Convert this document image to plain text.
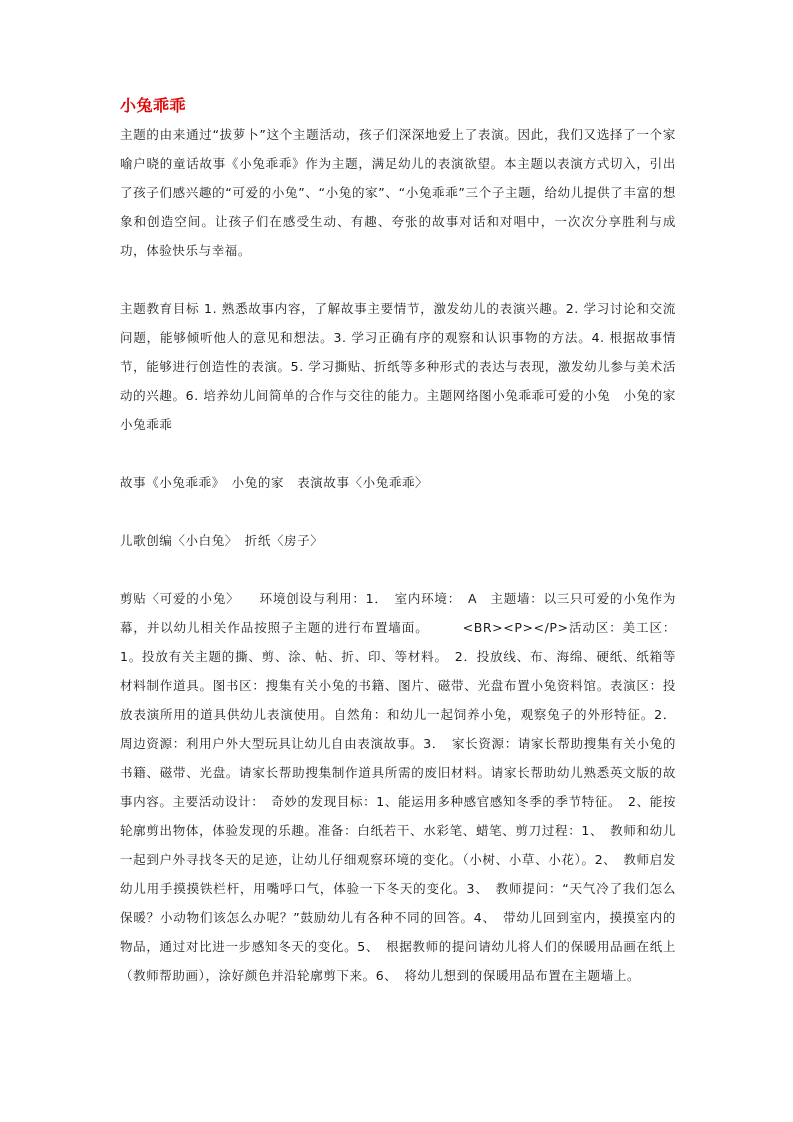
小兔乖乖

主题的由来通过“拔萝卜”这个主题活动，孩子们深深地爱上了表演。因此，我们又选择了一个家喻户晓的童话故事《小兔乖乖》作为主题，满足幼儿的表演欲望。本主题以表演方式切入，引出了孩子们感兴趣的“可爱的小兔”、“小兔的家”、“小兔乖乖”三个子主题，给幼儿提供了丰富的想象和创造空间。让孩子们在感受生动、有趣、夸张的故事对话和对唱中，一次次分享胜利与成功，体验快乐与幸福。

主题教育目标 1. 熟悉故事内容，了解故事主要情节，激发幼儿的表演兴趣。2. 学习讨论和交流问题，能够倾听他人的意见和想法。3. 学习正确有序的观察和认识事物的方法。4. 根据故事情节，能够进行创造性的表演。5. 学习撕贴、折纸等多种形式的表达与表现，激发幼儿参与美术活动的兴趣。6. 培养幼儿间简单的合作与交往的能力。主题网络图小兔乖乖可爱的小兔　小兔的家　小兔乖乖

故事《小兔乖乖》　小兔的家　表演故事〈小兔乖乖〉

儿歌创编〈小白兔〉　折纸〈房子〉

剪贴〈可爱的小兔〉　　环境创设与利用：1．　室内环境：　A　主题墙：以三只可爱的小兔作为幕，并以幼儿相关作品按照子主题的进行布置墙面。　　　<BR><P></P>活动区：美工区：1。投放有关主题的撕、剪、涂、帖、折、印、等材料。　2．投放线、布、海绵、硬纸、纸箱等材料制作道具。图书区：搜集有关小兔的书籍、图片、磁带、光盘布置小兔资料馆。表演区：投放表演所用的道具供幼儿表演使用。自然角：和幼儿一起饲养小兔，观察兔子的外形特征。2．周边资源：利用户外大型玩具让幼儿自由表演故事。3．　家长资源：请家长帮助搜集有关小兔的书籍、磁带、光盘。请家长帮助搜集制作道具所需的废旧材料。请家长帮助幼儿熟悉英文版的故事内容。主要活动设计：　奇妙的发现目标：1、能运用多种感官感知冬季的季节特征。　2、能按轮廓剪出物体，体验发现的乐趣。准备：白纸若干、水彩笔、蜡笔、剪刀过程：1、　教师和幼儿一起到户外寻找冬天的足迹，让幼儿仔细观察环境的变化。（小树、小草、小花）。2、　教师启发幼儿用手摸摸铁栏杆，用嘴呼口气，体验一下冬天的变化。3、　教师提问：“天气冷了我们怎么保暖？小动物们该怎么办呢？”鼓励幼儿有各种不同的回答。4、　带幼儿回到室内，摸摸室内的物品，通过对比进一步感知冬天的变化。5、　根据教师的提问请幼儿将人们的保暖用品画在纸上（教师帮助画），涂好颜色并沿轮廓剪下来。6、　将幼儿想到的保暖用品布置在主题墙上。
